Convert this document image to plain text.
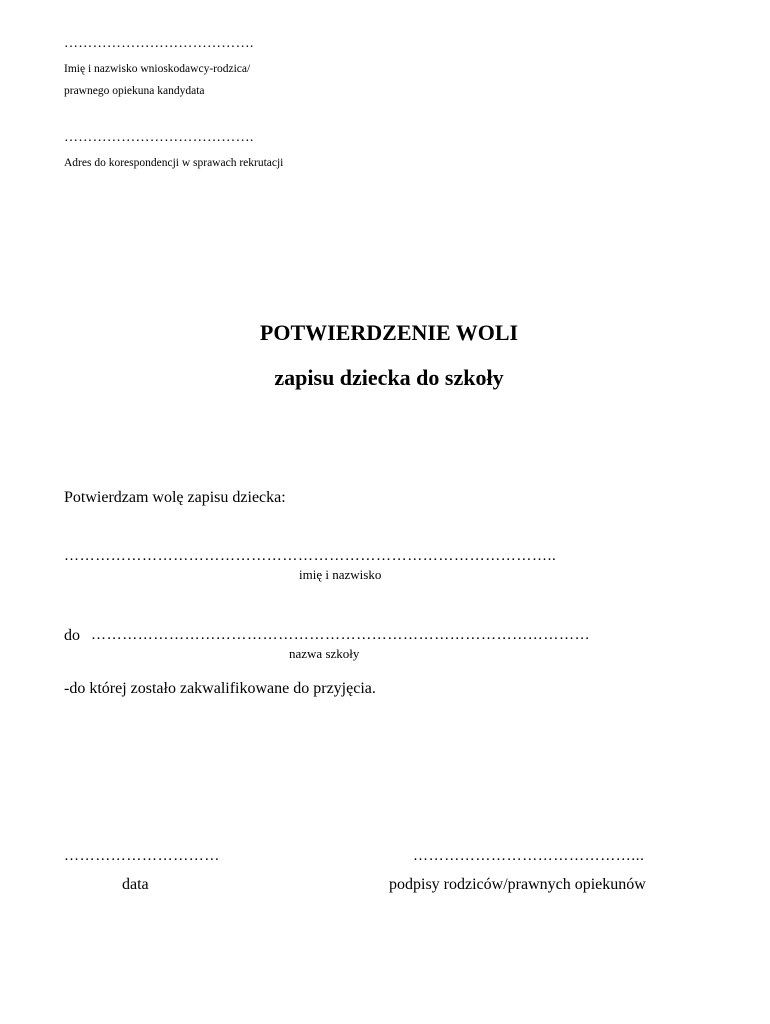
………………………………….
Imię i nazwisko wnioskodawcy-rodzica/
prawnego opiekuna kandydata
………………………………….
Adres do korespondencji w sprawach rekrutacji
POTWIERDZENIE WOLI
zapisu dziecka do szkoły
Potwierdzam wolę zapisu dziecka:
…………………………………………………………………………………..
imię i nazwisko
do ……………………………………………………………………………………
nazwa szkoły
-do której zostało zakwalifikowane do przyjęcia.
…………………………
data
……………………………………...
podpisy rodziców/prawnych opiekunów
